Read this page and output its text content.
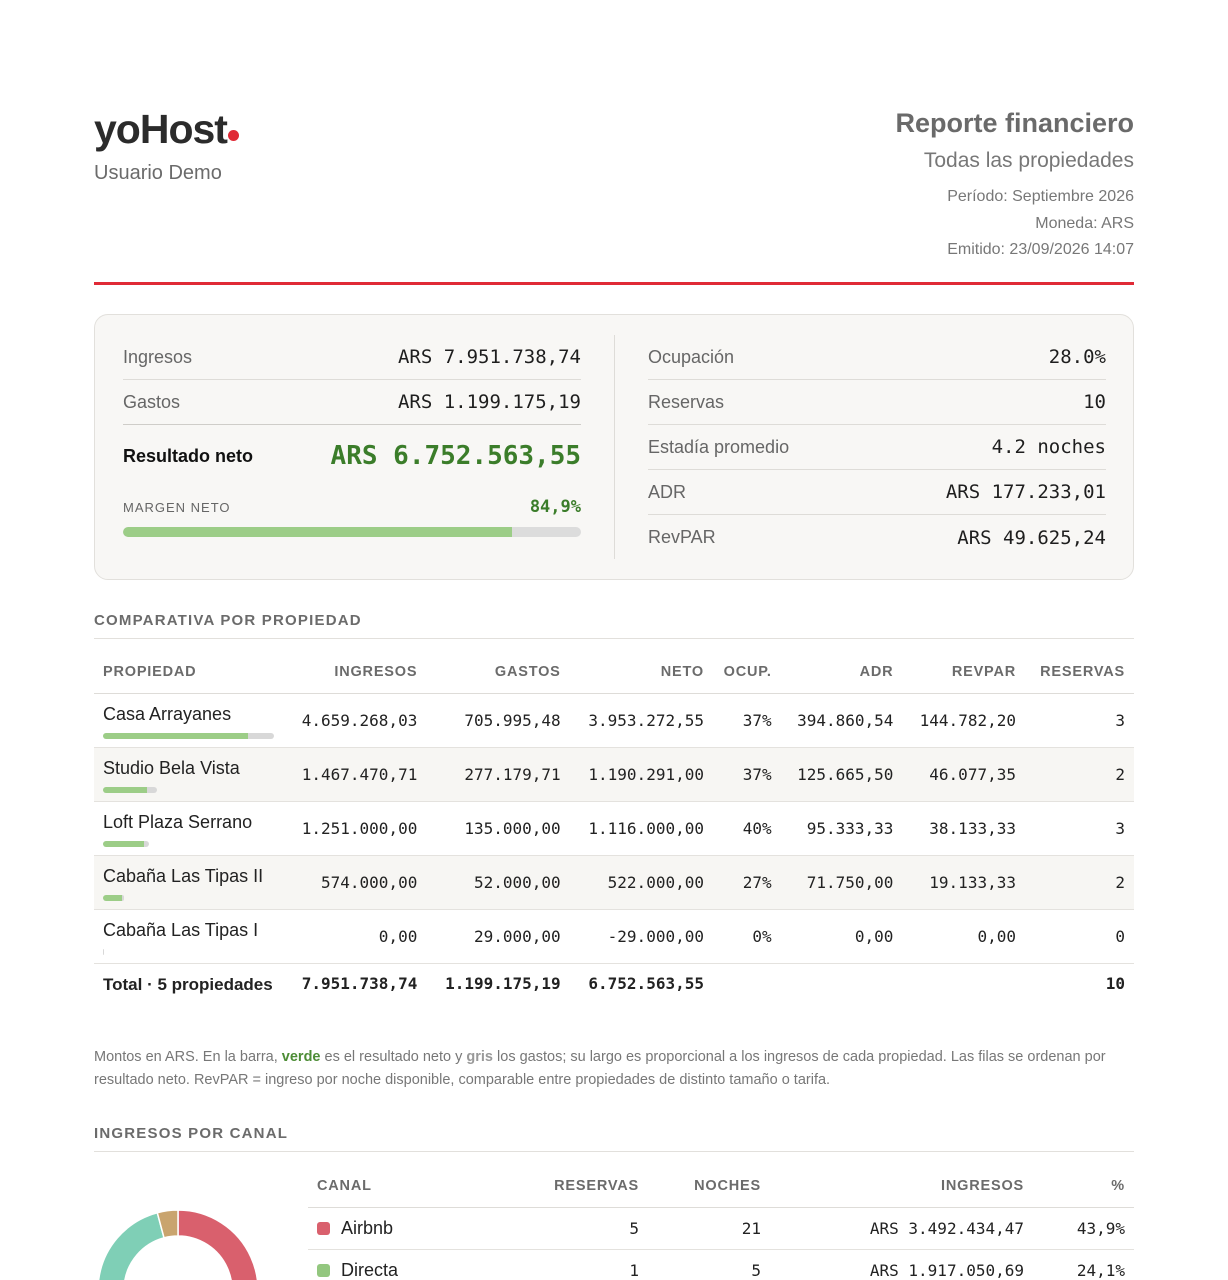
yoHost
Usuario Demo
Reporte financiero
Todas las propiedades
Período: Septiembre 2026
Moneda: ARS
Emitido: 23/09/2026 14:07
Ingresos	ARS 7.951.738,74
Gastos	ARS 1.199.175,19
Resultado neto	ARS 6.752.563,55
MARGEN NETO	84,9%
Ocupación	28.0%
Reservas	10
Estadía promedio	4.2 noches
ADR	ARS 177.233,01
RevPAR	ARS 49.625,24
COMPARATIVA POR PROPIEDAD
PROPIEDAD	INGRESOS	GASTOS	NETO	OCUP.	ADR	REVPAR	RESERVAS
Casa Arrayanes	4.659.268,03	705.995,48	3.953.272,55	37%	394.860,54	144.782,20	3
Studio Bela Vista	1.467.470,71	277.179,71	1.190.291,00	37%	125.665,50	46.077,35	2
Loft Plaza Serrano	1.251.000,00	135.000,00	1.116.000,00	40%	95.333,33	38.133,33	3
Cabaña Las Tipas II	574.000,00	52.000,00	522.000,00	27%	71.750,00	19.133,33	2
Cabaña Las Tipas I	0,00	29.000,00	-29.000,00	0%	0,00	0,00	0
Total · 5 propiedades	7.951.738,74	1.199.175,19	6.752.563,55				10
Montos en ARS. En la barra, verde es el resultado neto y gris los gastos; su largo es proporcional a los ingresos de cada propiedad. Las filas se ordenan por resultado neto. RevPAR = ingreso por noche disponible, comparable entre propiedades de distinto tamaño o tarifa.
INGRESOS POR CANAL
CANAL	RESERVAS	NOCHES	INGRESOS	%
Airbnb	5	21	ARS 3.492.434,47	43,9%
Directa	1	5	ARS 1.917.050,69	24,1%
